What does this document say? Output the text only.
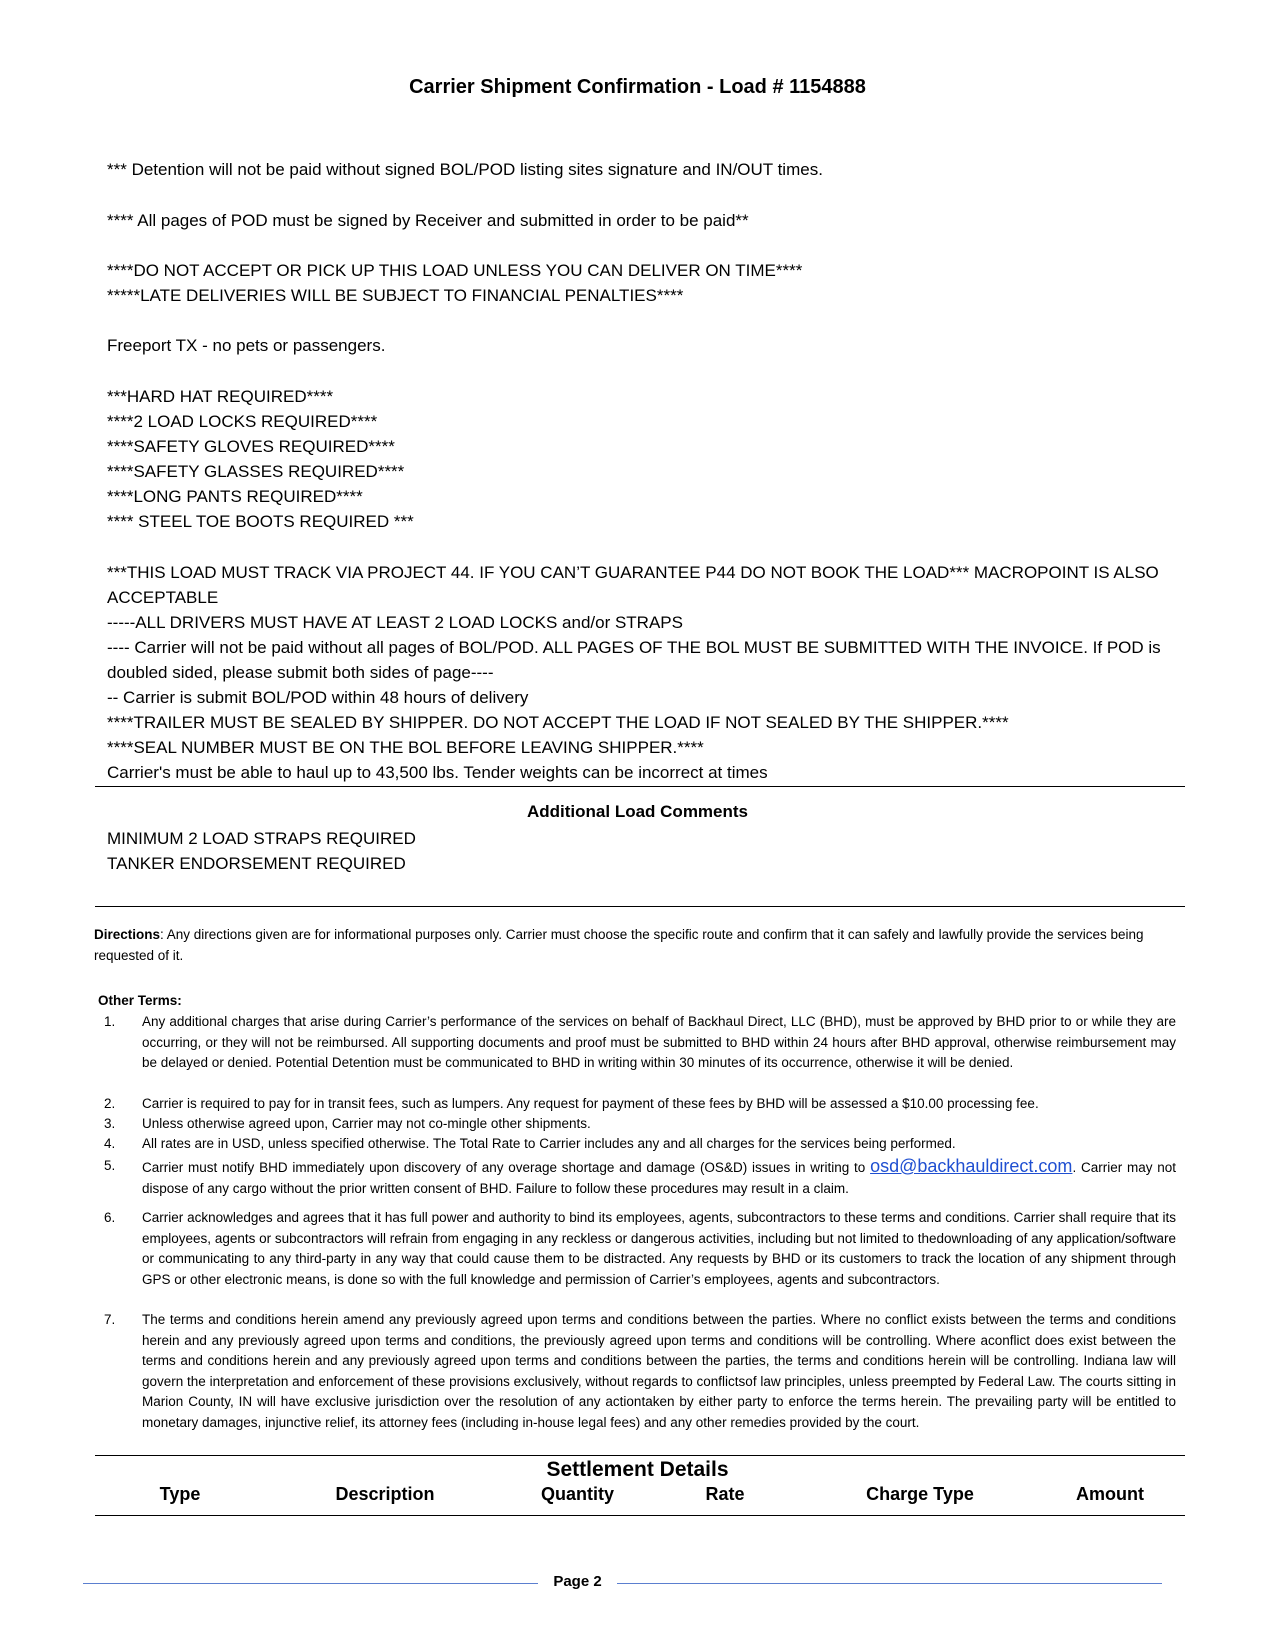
Carrier Shipment Confirmation - Load # 1154888
*** Detention will not be paid without signed BOL/POD listing sites signature and IN/OUT times.
**** All pages of POD must be signed by Receiver and submitted in order to be paid**
****DO NOT ACCEPT OR PICK UP THIS LOAD UNLESS YOU CAN DELIVER ON TIME****
*****LATE DELIVERIES WILL BE SUBJECT TO FINANCIAL PENALTIES****
Freeport TX - no pets or passengers.
***HARD HAT REQUIRED****
****2 LOAD LOCKS REQUIRED****
****SAFETY GLOVES REQUIRED****
****SAFETY GLASSES REQUIRED****
****LONG PANTS REQUIRED****
**** STEEL TOE BOOTS REQUIRED ***
***THIS LOAD MUST TRACK VIA PROJECT 44. IF YOU CAN’T GUARANTEE P44 DO NOT BOOK THE LOAD*** MACROPOINT IS ALSO ACCEPTABLE
-----ALL DRIVERS MUST HAVE AT LEAST 2 LOAD LOCKS and/or STRAPS
---- Carrier will not be paid without all pages of BOL/POD. ALL PAGES OF THE BOL MUST BE SUBMITTED WITH THE INVOICE. If POD is doubled sided, please submit both sides of page----
-- Carrier is submit BOL/POD within 48 hours of delivery
****TRAILER MUST BE SEALED BY SHIPPER. DO NOT ACCEPT THE LOAD IF NOT SEALED BY THE SHIPPER.****
****SEAL NUMBER MUST BE ON THE BOL BEFORE LEAVING SHIPPER.****
Carrier's must be able to haul up to 43,500 lbs. Tender weights can be incorrect at times
Additional Load Comments
MINIMUM 2 LOAD STRAPS REQUIRED
TANKER ENDORSEMENT REQUIRED
Directions: Any directions given are for informational purposes only. Carrier must choose the specific route and confirm that it can safely and lawfully provide the services being requested of it.
Other Terms:
1.	Any additional charges that arise during Carrier’s performance of the services on behalf of Backhaul Direct, LLC (BHD), must be approved by BHD prior to or while they are occurring, or they will not be reimbursed. All supporting documents and proof must be submitted to BHD within 24 hours after BHD approval, otherwise reimbursement may be delayed or denied. Potential Detention must be communicated to BHD in writing within 30 minutes of its occurrence, otherwise it will be denied.
2.	Carrier is required to pay for in transit fees, such as lumpers. Any request for payment of these fees by BHD will be assessed a $10.00 processing fee.
3.	Unless otherwise agreed upon, Carrier may not co-mingle other shipments.
4.	All rates are in USD, unless specified otherwise. The Total Rate to Carrier includes any and all charges for the services being performed.
5.	Carrier must notify BHD immediately upon discovery of any overage shortage and damage (OS&D) issues in writing to osd@backhauldirect.com. Carrier may not dispose of any cargo without the prior written consent of BHD. Failure to follow these procedures may result in a claim.
6.	Carrier acknowledges and agrees that it has full power and authority to bind its employees, agents, subcontractors to these terms and conditions. Carrier shall require that its employees, agents or subcontractors will refrain from engaging in any reckless or dangerous activities, including but not limited to thedownloading of any application/software or communicating to any third-party in any way that could cause them to be distracted. Any requests by BHD or its customers to track the location of any shipment through GPS or other electronic means, is done so with the full knowledge and permission of Carrier’s employees, agents and subcontractors.
7.	The terms and conditions herein amend any previously agreed upon terms and conditions between the parties. Where no conflict exists between the terms and conditions herein and any previously agreed upon terms and conditions, the previously agreed upon terms and conditions will be controlling. Where aconflict does exist between the terms and conditions herein and any previously agreed upon terms and conditions between the parties, the terms and conditions herein will be controlling. Indiana law will govern the interpretation and enforcement of these provisions exclusively, without regards to conflictsof law principles, unless preempted by Federal Law. The courts sitting in Marion County, IN will have exclusive jurisdiction over the resolution of any actiontaken by either party to enforce the terms herein. The prevailing party will be entitled to monetary damages, injunctive relief, its attorney fees (including in-house legal fees) and any other remedies provided by the court.
Settlement Details
Type	Description	Quantity	Rate	Charge Type	Amount
Page 2
